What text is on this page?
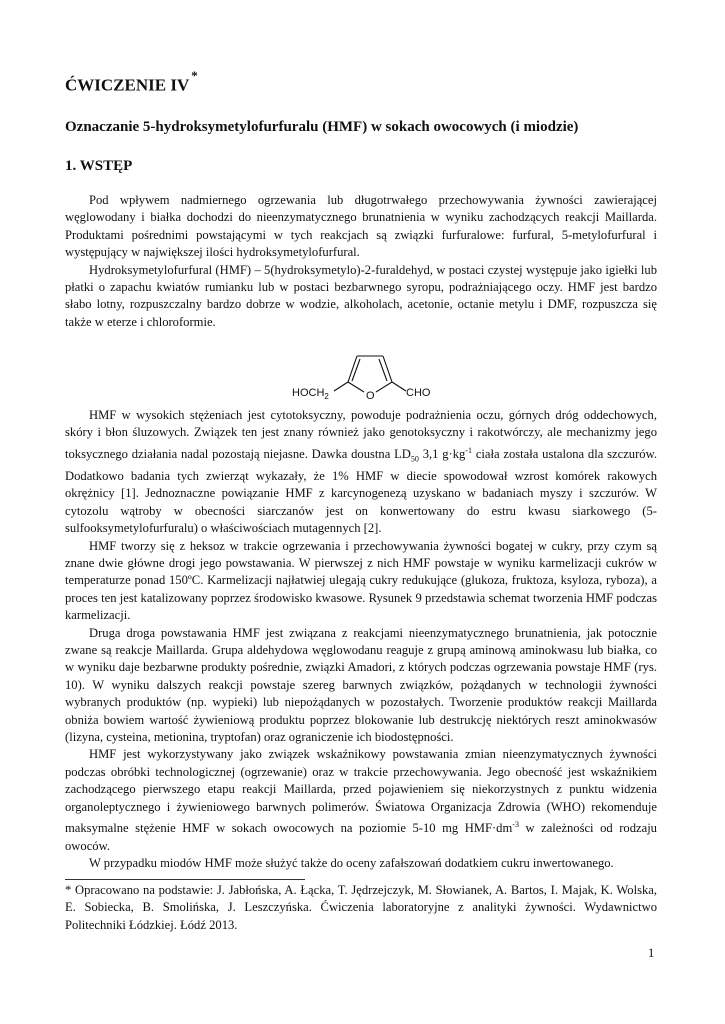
ĆWICZENIE IV*
Oznaczanie 5-hydroksymetylofurfuralu (HMF) w sokach owocowych (i miodzie)
1. WSTĘP

Pod wpływem nadmiernego ogrzewania lub długotrwałego przechowywania żywności zawierającej węglowodany i białka dochodzi do nieenzymatycznego brunatnienia w wyniku zachodzących reakcji Maillarda. Produktami pośrednimi powstającymi w tych reakcjach są związki furfuralowe: furfural, 5-metylofurfural i występujący w największej ilości hydroksymetylofurfural.

Hydroksymetylofurfural (HMF) – 5(hydroksymetylo)-2-furaldehyd, w postaci czystej występuje jako igiełki lub płatki o zapachu kwiatów rumianku lub w postaci bezbarwnego syropu, podrażniającego oczy. HMF jest bardzo słabo lotny, rozpuszczalny bardzo dobrze w wodzie, alkoholach, acetonie, octanie metylu i DMF, rozpuszcza się także w eterze i chloroformie.

$HOCH_2$	O	CHO

HMF w wysokich stężeniach jest cytotoksyczny, powoduje podrażnienia oczu, górnych dróg oddechowych, skóry i błon śluzowych. Związek ten jest znany również jako genotoksyczny i rakotwórczy, ale mechanizmy jego toksycznego działania nadal pozostają niejasne. Dawka doustna $LD_{50}$ 3,1 $g\cdot kg^{-1}$ ciała została ustalona dla szczurów. Dodatkowo badania tych zwierząt wykazały, że 1% HMF w diecie spowodował wzrost komórek rakowych okrężnicy [1]. Jednoznaczne powiązanie HMF z karcynogenezą uzyskano w badaniach myszy i szczurów. W cytozolu wątroby w obecności siarczanów jest on konwertowany do estru kwasu siarkowego (5-sulfooksymetylofurfuralu) o właściwościach mutagennych [2].

HMF tworzy się z heksoz w trakcie ogrzewania i przechowywania żywności bogatej w cukry, przy czym są znane dwie główne drogi jego powstawania. W pierwszej z nich HMF powstaje w wyniku karmelizacji cukrów w temperaturze ponad 150ºC. Karmelizacji najłatwiej ulegają cukry redukujące (glukoza, fruktoza, ksyloza, ryboza), a proces ten jest katalizowany poprzez środowisko kwasowe. Rysunek 9 przedstawia schemat tworzenia HMF podczas karmelizacji.

Druga droga powstawania HMF jest związana z reakcjami nieenzymatycznego brunatnienia, jak potocznie zwane są reakcje Maillarda. Grupa aldehydowa węglowodanu reaguje z grupą aminową aminokwasu lub białka, co w wyniku daje bezbarwne produkty pośrednie, związki Amadori, z których podczas ogrzewania powstaje HMF (rys. 10). W wyniku dalszych reakcji powstaje szereg barwnych związków, pożądanych w technologii żywności wybranych produktów (np. wypieki) lub niepożądanych w pozostałych. Tworzenie produktów reakcji Maillarda obniża bowiem wartość żywieniową produktu poprzez blokowanie lub destrukcję niektórych reszt aminokwasów (lizyna, cysteina, metionina, tryptofan) oraz ograniczenie ich biodostępności.

HMF jest wykorzystywany jako związek wskaźnikowy powstawania zmian nieenzymatycznych żywności podczas obróbki technologicznej (ogrzewanie) oraz w trakcie przechowywania. Jego obecność jest wskaźnikiem zachodzącego pierwszego etapu reakcji Maillarda, przed pojawieniem się niekorzystnych z punktu widzenia organoleptycznego i żywieniowego barwnych polimerów. Światowa Organizacja Zdrowia (WHO) rekomenduje maksymalne stężenie HMF w sokach owocowych na poziomie 5-10 mg $HMF\cdot dm^{-3}$ w zależności od rodzaju owoców.

W przypadku miodów HMF może służyć także do oceny zafałszowań dodatkiem cukru inwertowanego.

* Opracowano na podstawie: J. Jabłońska, A. Łącka, T. Jędrzejczyk, M. Słowianek, A. Bartos, I. Majak, K. Wolska, E. Sobiecka, B. Smolińska, J. Leszczyńska. Ćwiczenia laboratoryjne z analityki żywności. Wydawnictwo Politechniki Łódzkiej. Łódź 2013.
1
